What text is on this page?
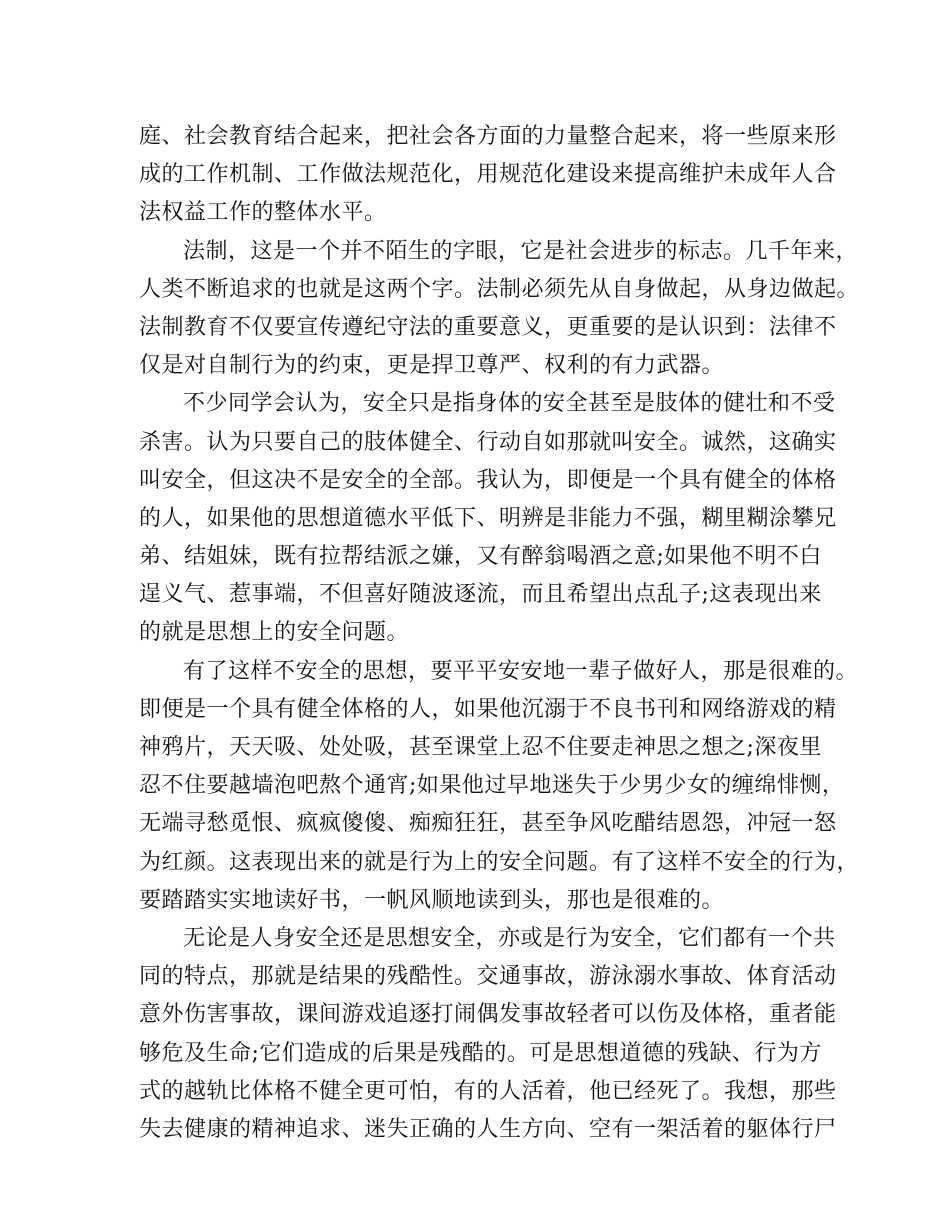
庭、社会教育结合起来，把社会各方面的力量整合起来，将一些原来形
成的工作机制、工作做法规范化，用规范化建设来提高维护未成年人合
法权益工作的整体水平。
法制，这是一个并不陌生的字眼，它是社会进步的标志。几千年来，
人类不断追求的也就是这两个字。法制必须先从自身做起，从身边做起。
法制教育不仅要宣传遵纪守法的重要意义，更重要的是认识到：法律不
仅是对自制行为的约束，更是捍卫尊严、权利的有力武器。
不少同学会认为，安全只是指身体的安全甚至是肢体的健壮和不受
杀害。认为只要自己的肢体健全、行动自如那就叫安全。诚然，这确实
叫安全，但这决不是安全的全部。我认为，即便是一个具有健全的体格
的人，如果他的思想道德水平低下、明辨是非能力不强，糊里糊涂攀兄
弟、结姐妹，既有拉帮结派之嫌，又有醉翁喝酒之意;如果他不明不白
逞义气、惹事端，不但喜好随波逐流，而且希望出点乱子;这表现出来
的就是思想上的安全问题。
有了这样不安全的思想，要平平安安地一辈子做好人，那是很难的。
即便是一个具有健全体格的人，如果他沉溺于不良书刊和网络游戏的精
神鸦片，天天吸、处处吸，甚至课堂上忍不住要走神思之想之;深夜里
忍不住要越墙泡吧熬个通宵;如果他过早地迷失于少男少女的缠绵悱恻，
无端寻愁觅恨、疯疯傻傻、痴痴狂狂，甚至争风吃醋结恩怨，冲冠一怒
为红颜。这表现出来的就是行为上的安全问题。有了这样不安全的行为，
要踏踏实实地读好书，一帆风顺地读到头，那也是很难的。
无论是人身安全还是思想安全，亦或是行为安全，它们都有一个共
同的特点，那就是结果的残酷性。交通事故，游泳溺水事故、体育活动
意外伤害事故，课间游戏追逐打闹偶发事故轻者可以伤及体格，重者能
够危及生命;它们造成的后果是残酷的。可是思想道德的残缺、行为方
式的越轨比体格不健全更可怕，有的人活着，他已经死了。我想，那些
失去健康的精神追求、迷失正确的人生方向、空有一架活着的躯体行尸
